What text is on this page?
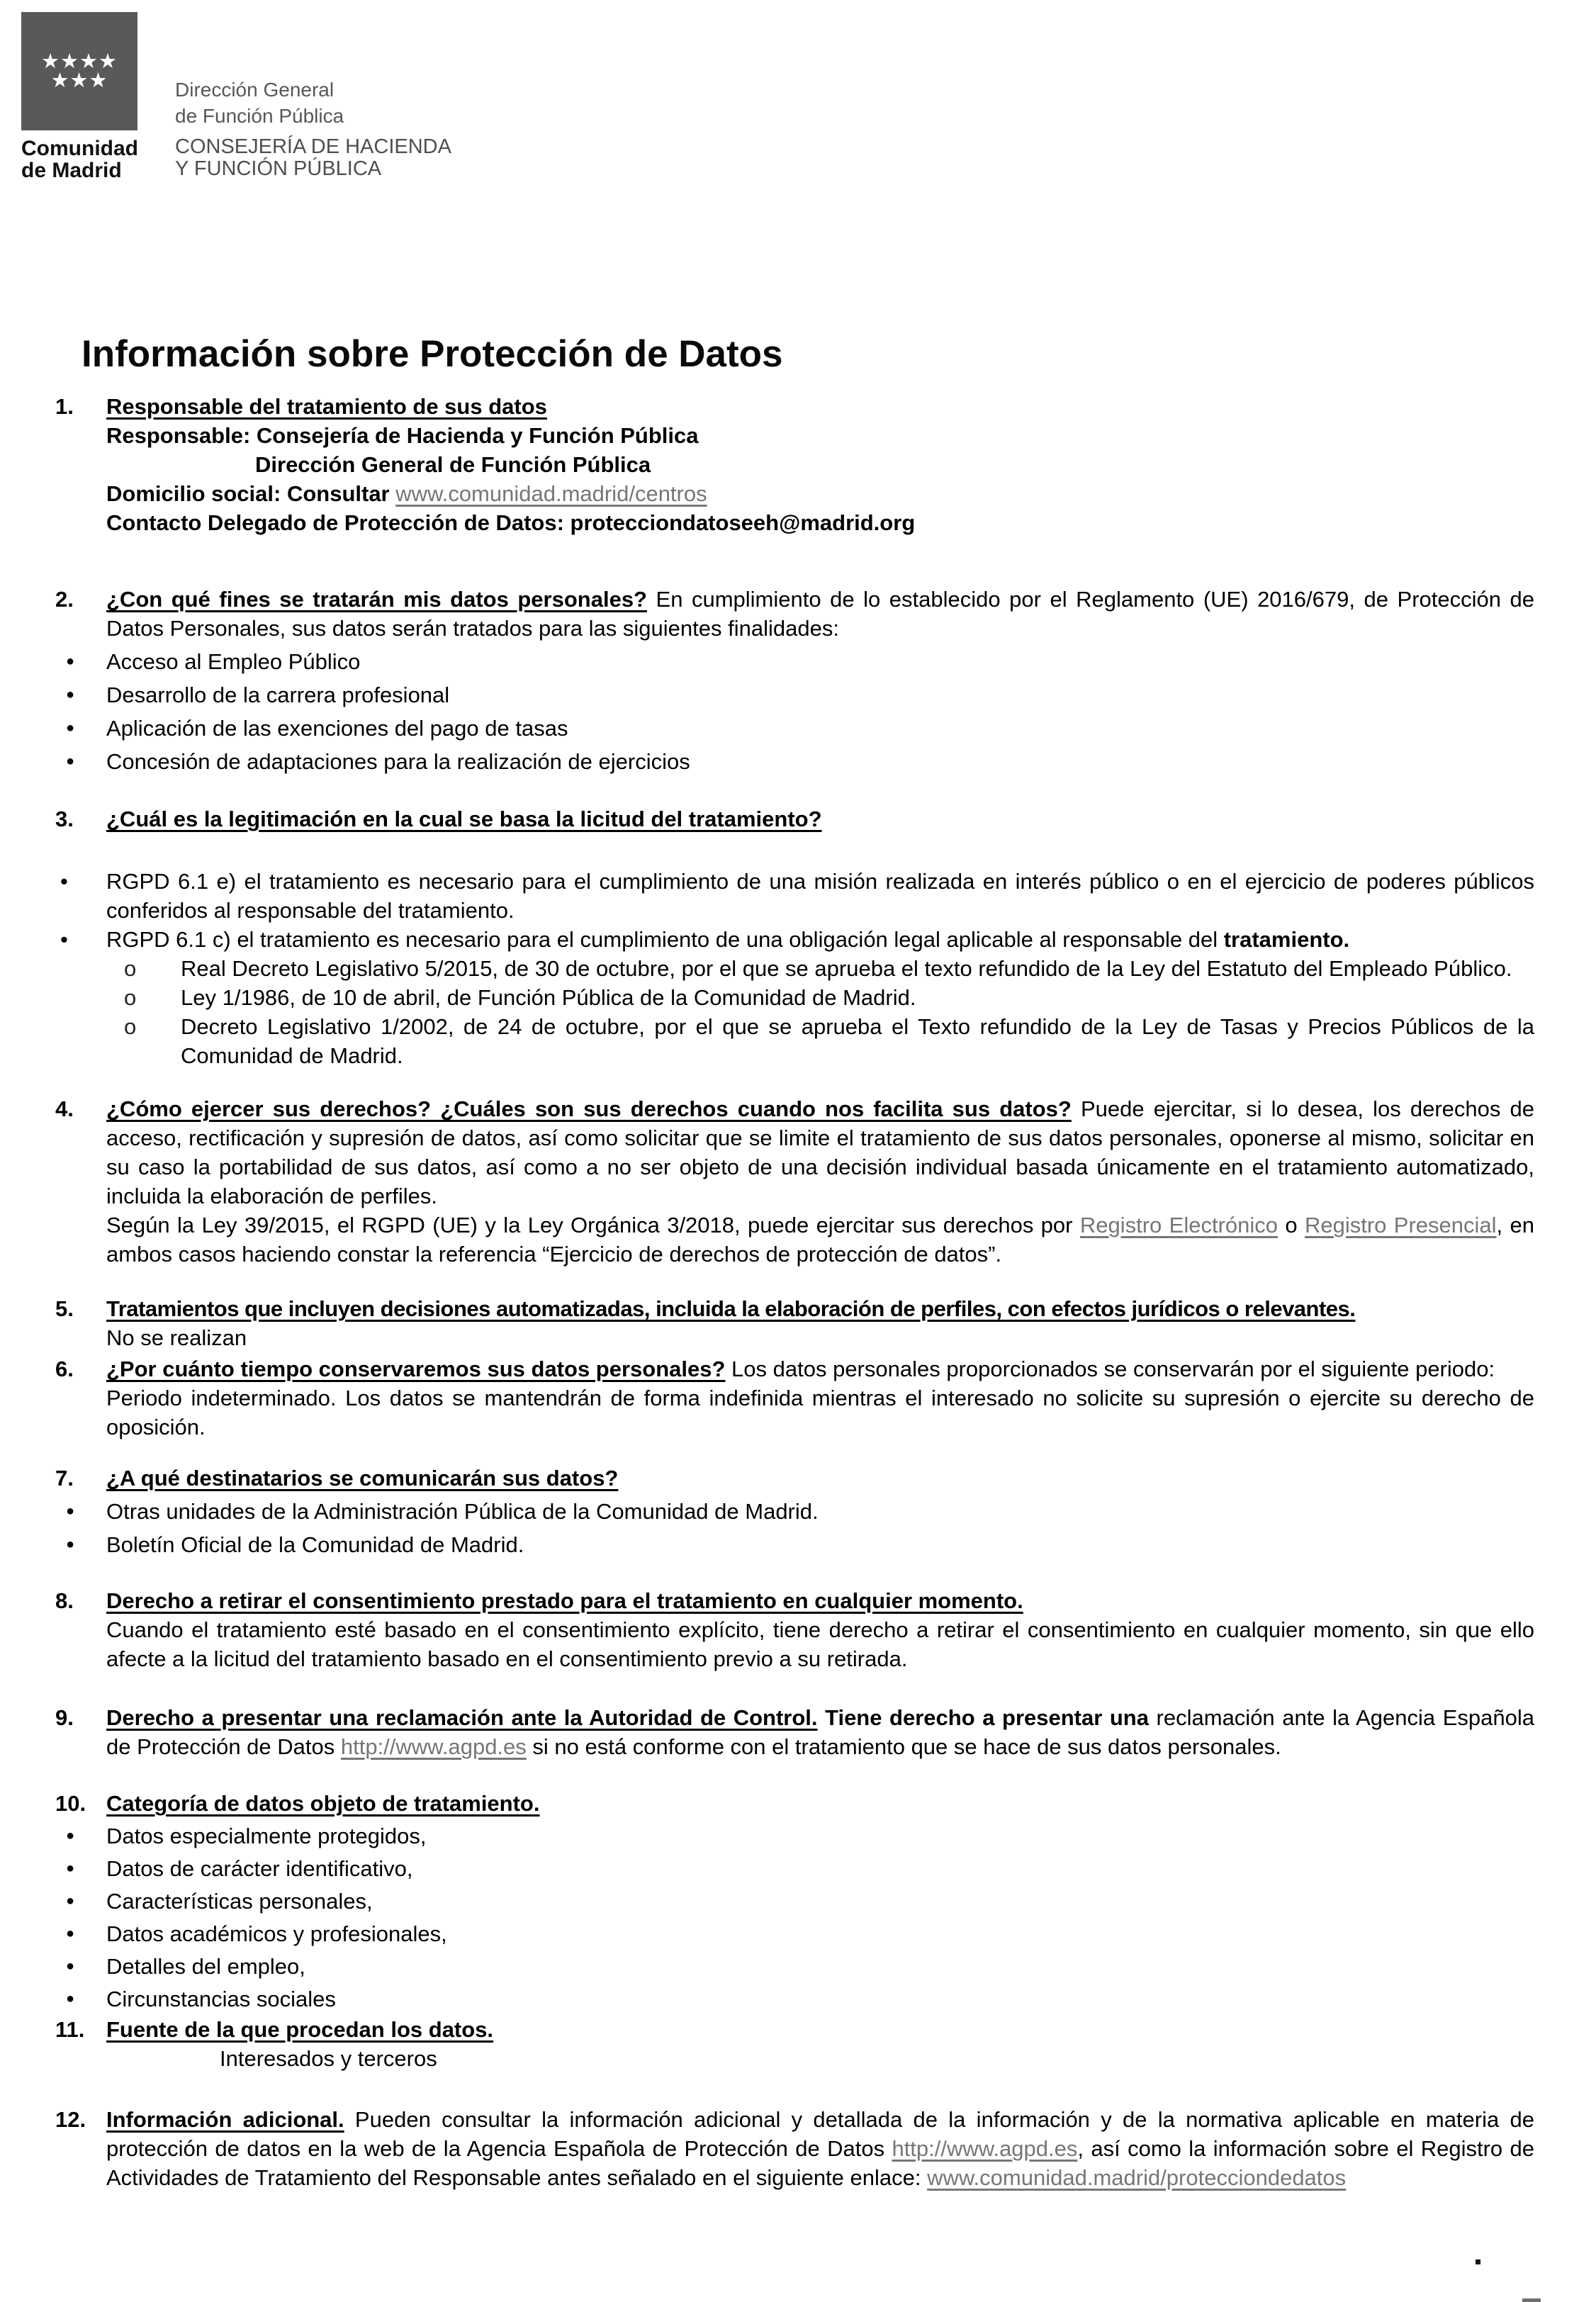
★★★★
★★★
Comunidad
de Madrid
Dirección General
de Función Pública
CONSEJERÍA DE HACIENDA
Y FUNCIÓN PÚBLICA
Información sobre Protección de Datos
1. Responsable del tratamiento de sus datos
Responsable: Consejería de Hacienda y Función Pública
Dirección General de Función Pública
Domicilio social: Consultar www.comunidad.madrid/centros
Contacto Delegado de Protección de Datos: protecciondatoseeh@madrid.org
2. ¿Con qué fines se tratarán mis datos personales? En cumplimiento de lo establecido por el Reglamento (UE) 2016/679, de Protección de Datos Personales, sus datos serán tratados para las siguientes finalidades:
● Acceso al Empleo Público
● Desarrollo de la carrera profesional
● Aplicación de las exenciones del pago de tasas
● Concesión de adaptaciones para la realización de ejercicios
3. ¿Cuál es la legitimación en la cual se basa la licitud del tratamiento?
• RGPD 6.1 e) el tratamiento es necesario para el cumplimiento de una misión realizada en interés público o en el ejercicio de poderes públicos conferidos al responsable del tratamiento.
• RGPD 6.1 c) el tratamiento es necesario para el cumplimiento de una obligación legal aplicable al responsable del tratamiento.
o Real Decreto Legislativo 5/2015, de 30 de octubre, por el que se aprueba el texto refundido de la Ley del Estatuto del Empleado Público.
o Ley 1/1986, de 10 de abril, de Función Pública de la Comunidad de Madrid.
o Decreto Legislativo 1/2002, de 24 de octubre, por el que se aprueba el Texto refundido de la Ley de Tasas y Precios Públicos de la Comunidad de Madrid.
4. ¿Cómo ejercer sus derechos? ¿Cuáles son sus derechos cuando nos facilita sus datos? Puede ejercitar, si lo desea, los derechos de acceso, rectificación y supresión de datos, así como solicitar que se limite el tratamiento de sus datos personales, oponerse al mismo, solicitar en su caso la portabilidad de sus datos, así como a no ser objeto de una decisión individual basada únicamente en el tratamiento automatizado, incluida la elaboración de perfiles.
Según la Ley 39/2015, el RGPD (UE) y la Ley Orgánica 3/2018, puede ejercitar sus derechos por Registro Electrónico o Registro Presencial, en ambos casos haciendo constar la referencia “Ejercicio de derechos de protección de datos”.
5. Tratamientos que incluyen decisiones automatizadas, incluida la elaboración de perfiles, con efectos jurídicos o relevantes.
No se realizan
6. ¿Por cuánto tiempo conservaremos sus datos personales? Los datos personales proporcionados se conservarán por el siguiente periodo:
Periodo indeterminado. Los datos se mantendrán de forma indefinida mientras el interesado no solicite su supresión o ejercite su derecho de oposición.
7. ¿A qué destinatarios se comunicarán sus datos?
● Otras unidades de la Administración Pública de la Comunidad de Madrid.
● Boletín Oficial de la Comunidad de Madrid.
8. Derecho a retirar el consentimiento prestado para el tratamiento en cualquier momento.
Cuando el tratamiento esté basado en el consentimiento explícito, tiene derecho a retirar el consentimiento en cualquier momento, sin que ello afecte a la licitud del tratamiento basado en el consentimiento previo a su retirada.
9. Derecho a presentar una reclamación ante la Autoridad de Control. Tiene derecho a presentar una reclamación ante la Agencia Española de Protección de Datos http://www.agpd.es si no está conforme con el tratamiento que se hace de sus datos personales.
10. Categoría de datos objeto de tratamiento.
● Datos especialmente protegidos,
● Datos de carácter identificativo,
● Características personales,
● Datos académicos y profesionales,
● Detalles del empleo,
● Circunstancias sociales
11. Fuente de la que procedan los datos.
Interesados y terceros
12. Información adicional. Pueden consultar la información adicional y detallada de la información y de la normativa aplicable en materia de protección de datos en la web de la Agencia Española de Protección de Datos http://www.agpd.es, así como la información sobre el Registro de Actividades de Tratamiento del Responsable antes señalado en el siguiente enlace: www.comunidad.madrid/protecciondedatos
